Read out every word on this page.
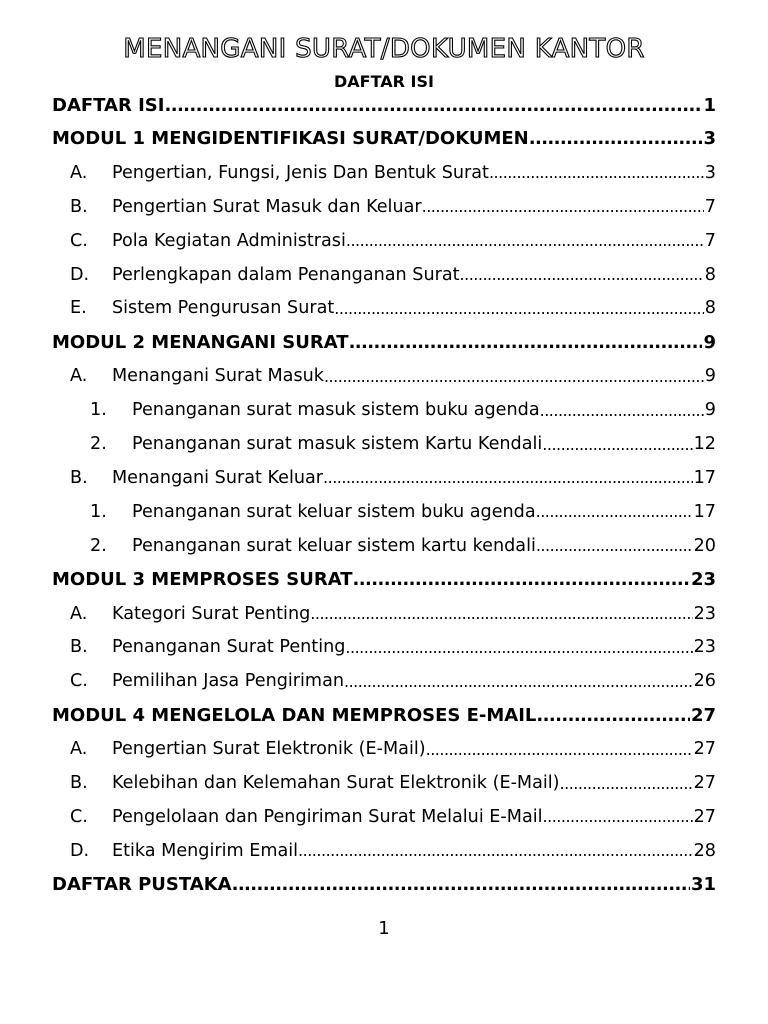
MENANGANI SURAT/DOKUMEN KANTOR
DAFTAR ISI
DAFTAR ISI .....	1
MODUL 1 MENGIDENTIFIKASI SURAT/DOKUMEN .....	3
A.	Pengertian, Fungsi, Jenis Dan Bentuk Surat .....	3
B.	Pengertian Surat Masuk dan Keluar .....	7
C.	Pola Kegiatan Administrasi .....	7
D.	Perlengkapan dalam Penanganan Surat .....	8
E.	Sistem Pengurusan Surat .....	8
MODUL 2 MENANGANI SURAT .....	9
A.	Menangani Surat Masuk .....	9
1.	Penanganan surat masuk sistem buku agenda .....	9
2.	Penanganan surat masuk sistem Kartu Kendali .....	12
B.	Menangani Surat Keluar .....	17
1.	Penanganan surat keluar sistem buku agenda .....	17
2.	Penanganan surat keluar sistem kartu kendali .....	20
MODUL 3 MEMPROSES SURAT .....	23
A.	Kategori Surat Penting .....	23
B.	Penanganan Surat Penting .....	23
C.	Pemilihan Jasa Pengiriman .....	26
MODUL 4 MENGELOLA DAN MEMPROSES E-MAIL .....	27
A.	Pengertian Surat Elektronik (E-Mail) .....	27
B.	Kelebihan dan Kelemahan Surat Elektronik (E-Mail) .....	27
C.	Pengelolaan dan Pengiriman Surat Melalui E-Mail .....	27
D.	Etika Mengirim Email .....	28
DAFTAR PUSTAKA .....	31
1
